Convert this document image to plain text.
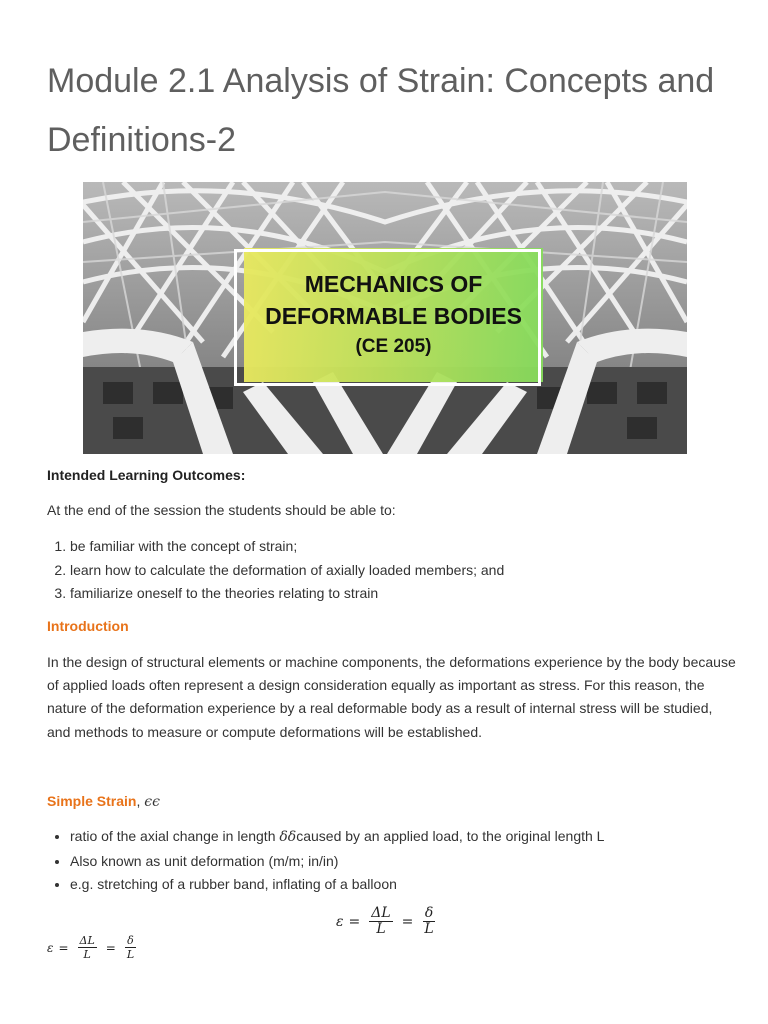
Module 2.1 Analysis of Strain: Concepts and Definitions-2
MECHANICS OF
DEFORMABLE BODIES
(CE 205)

Intended Learning Outcomes:

At the end of the session the students should be able to:

1. be familiar with the concept of strain;
2. learn how to calculate the deformation of axially loaded members; and
3. familiarize oneself to the theories relating to strain

Introduction

In the design of structural elements or machine components, the deformations experience by the body because of applied loads often represent a design consideration equally as important as stress. For this reason, the nature of the deformation experience by a real deformable body as a result of internal stress will be studied, and methods to measure or compute deformations will be established.

Simple Strain, ϵϵ

• ratio of the axial change in length δδcaused by an applied load, to the original length L
• Also known as unit deformation (m/m; in/in)
• e.g. stretching of a rubber band, inflating of a balloon
$\varepsilon = \frac{\Delta L}{L} = \frac{\delta}{L}$
$\varepsilon = \frac{\Delta L}{L} = \frac{\delta}{L}$
